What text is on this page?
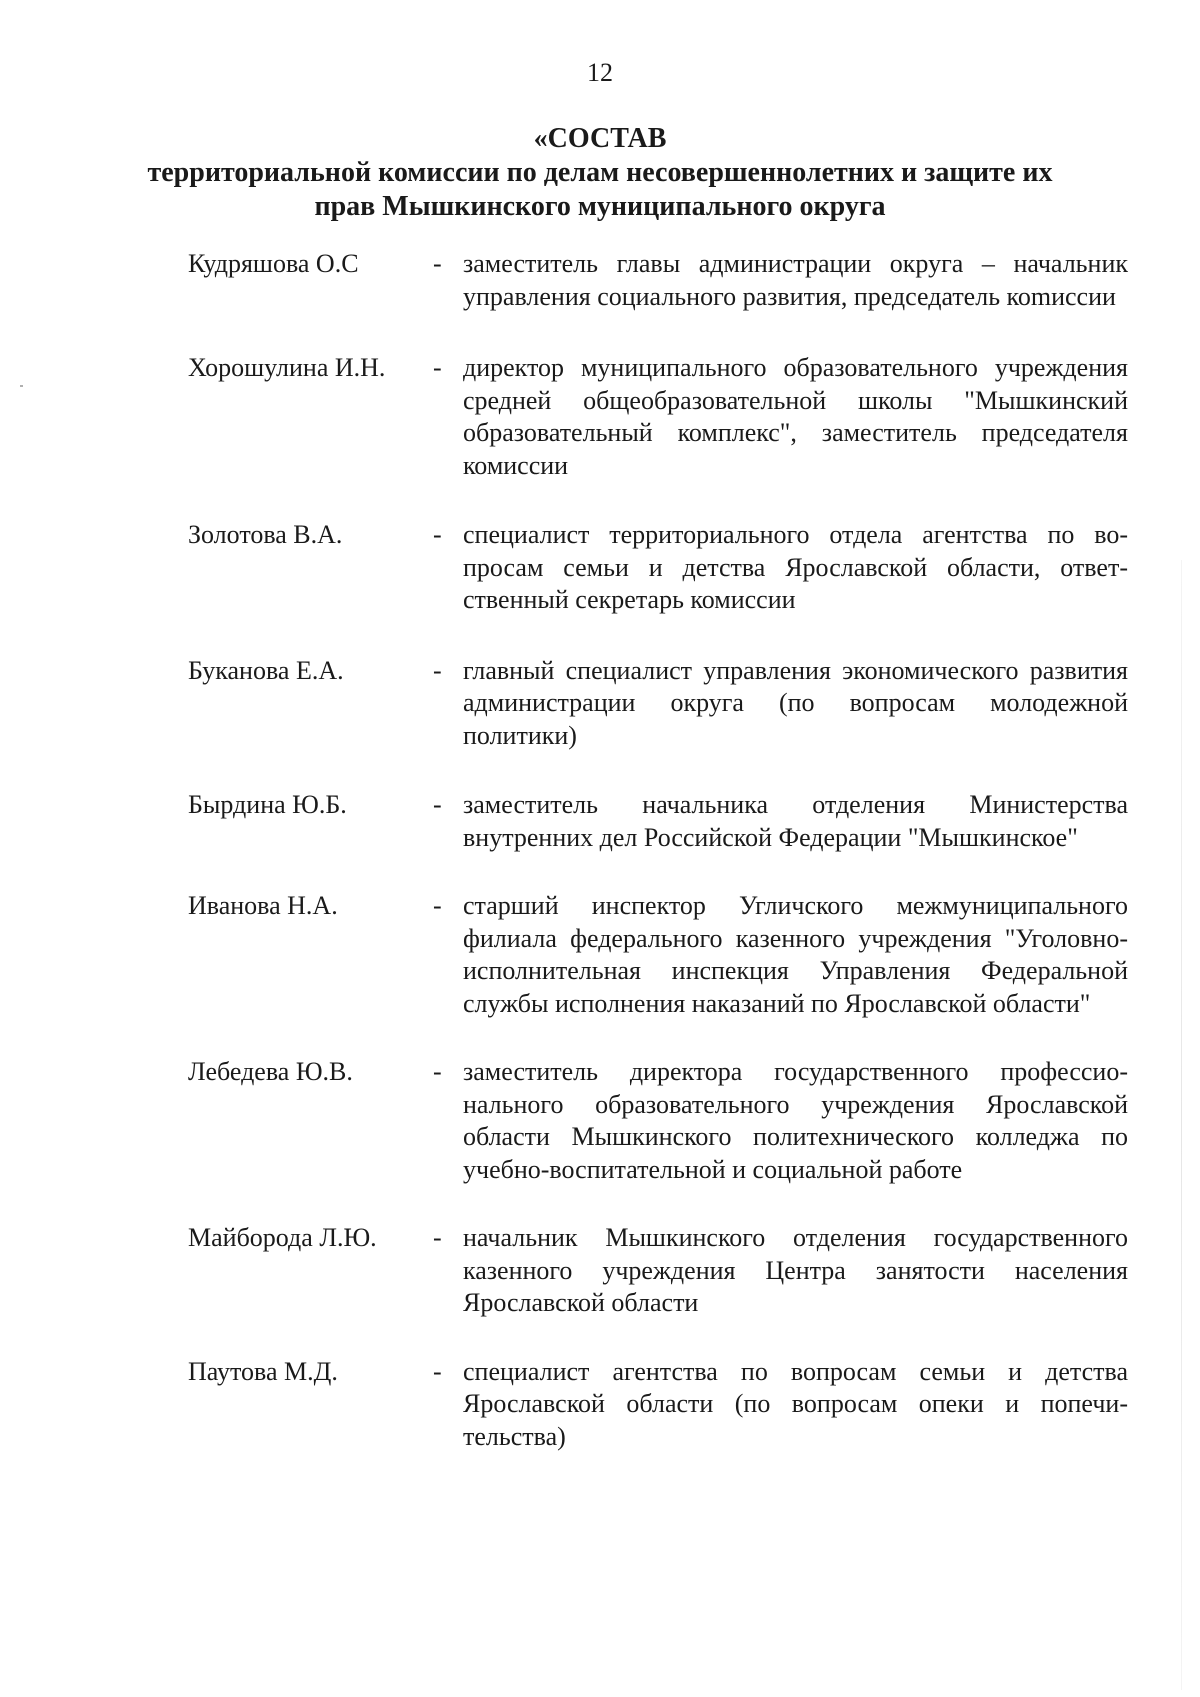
12
«СОСТАВ
территориальной комиссии по делам несовершеннолетних и защите их
прав Мышкинского муниципального округа
Кудряшова О.С	- заместитель главы администрации округа – начальник управления социального развития, председатель коmиссии
Хорошулина И.Н.	- директор муниципального образовательного учреждения средней общеобразовательной школы "Мышкинский образовательный комплекс", заместитель председателя комиссии
Золотова В.А.	- специалист территориального отдела агентства по вопросам семьи и детства Ярославской области, ответственный секретарь комиссии
Буканова Е.А.	- главный специалист управления экономического развития администрации округа (по вопросам молодежной политики)
Бырдина Ю.Б.	- заместитель начальника отделения Министерства внутренних дел Российской Федерации "Мышкинское"
Иванова Н.А.	- старший инспектор Угличского межмуниципального филиала федерального казенного учреждения "Уголовно-исполнительная инспекция Управления Федеральной службы исполнения наказаний по Ярославской области"
Лебедева Ю.В.	- заместитель директора государственного профессионального образовательного учреждения Ярославской области Мышкинского политехнического колледжа по учебно-воспитательной и социальной работе
Майборода Л.Ю.	- начальник Мышкинского отделения государственного казенного учреждения Центра занятости населения Ярославской области
Паутова М.Д.	- специалист агентства по вопросам семьи и детства Ярославской области (по вопросам опеки и попечительства)
